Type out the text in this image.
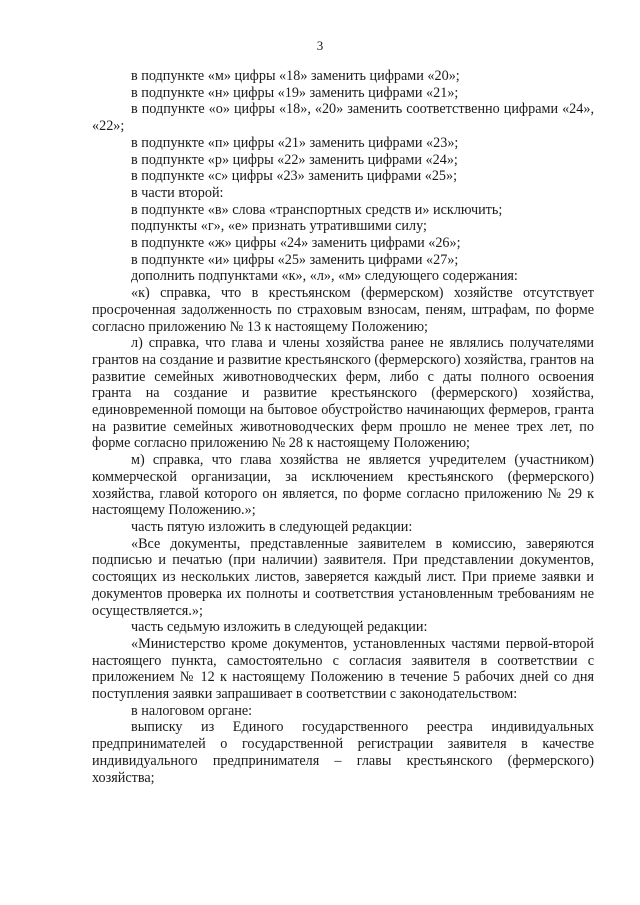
3

в подпункте «м» цифры «18» заменить цифрами «20»;

в подпункте «н» цифры «19» заменить цифрами «21»;

в подпункте «о» цифры «18», «20» заменить соответственно цифрами «24», «22»;

в подпункте «п» цифры «21» заменить цифрами «23»;

в подпункте «р» цифры «22» заменить цифрами «24»;

в подпункте «с» цифры «23» заменить цифрами «25»;

в части второй:

в подпункте «в» слова «транспортных средств и» исключить;

подпункты «г», «е» признать утратившими силу;

в подпункте «ж» цифры «24» заменить цифрами «26»;

в подпункте «и» цифры «25» заменить цифрами «27»;

дополнить подпунктами «к», «л», «м» следующего содержания:

«к) справка, что в крестьянском (фермерском) хозяйстве отсутствует просроченная задолженность по страховым взносам, пеням, штрафам, по форме согласно приложению № 13 к настоящему Положению;

л) справка, что глава и члены хозяйства ранее не являлись получателями грантов на создание и развитие крестьянского (фермерского) хозяйства, грантов на развитие семейных животноводческих ферм, либо с даты полного освоения гранта на создание и развитие крестьянского (фермерского) хозяйства, единовременной помощи на бытовое обустройство начинающих фермеров, гранта на развитие семейных животноводческих ферм прошло не менее трех лет, по форме согласно приложению № 28 к настоящему Положению;

м) справка, что глава хозяйства не является учредителем (участником) коммерческой организации, за исключением крестьянского (фермерского) хозяйства, главой которого он является, по форме согласно приложению № 29 к настоящему Положению.»;

часть пятую изложить в следующей редакции:

«Все документы, представленные заявителем в комиссию, заверяются подписью и печатью (при наличии) заявителя. При представлении документов, состоящих из нескольких листов, заверяется каждый лист. При приеме заявки и документов проверка их полноты и соответствия установленным требованиям не осуществляется.»;

часть седьмую изложить в следующей редакции:

«Министерство кроме документов, установленных частями первой-второй настоящего пункта, самостоятельно с согласия заявителя в соответствии с приложением № 12 к настоящему Положению в течение 5 рабочих дней со дня поступления заявки запрашивает в соответствии с законодательством:

в налоговом органе:

выписку из Единого государственного реестра индивидуальных предпринимателей о государственной регистрации заявителя в качестве индивидуального предпринимателя – главы крестьянского (фермерского) хозяйства;
